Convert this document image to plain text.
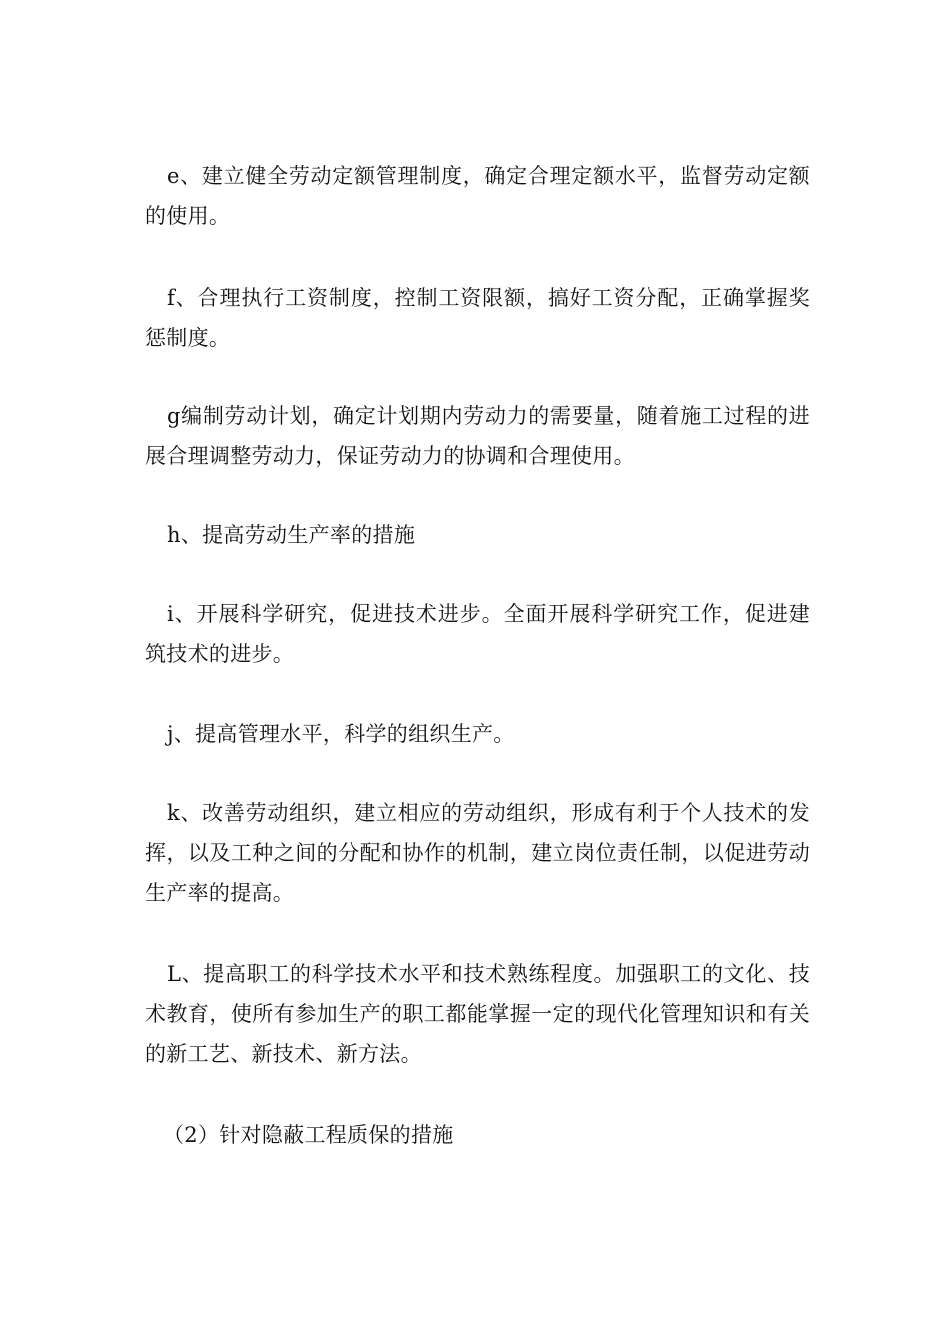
e、建立健全劳动定额管理制度，确定合理定额水平，监督劳动定额的使用。

f、合理执行工资制度，控制工资限额，搞好工资分配，正确掌握奖惩制度。

g编制劳动计划，确定计划期内劳动力的需要量，随着施工过程的进展合理调整劳动力，保证劳动力的协调和合理使用。

h、提高劳动生产率的措施

i、开展科学研究，促进技术进步。全面开展科学研究工作，促进建筑技术的进步。

j、提高管理水平，科学的组织生产。

k、改善劳动组织，建立相应的劳动组织，形成有利于个人技术的发挥，以及工种之间的分配和协作的机制，建立岗位责任制，以促进劳动生产率的提高。

L、提高职工的科学技术水平和技术熟练程度。加强职工的文化、技术教育，使所有参加生产的职工都能掌握一定的现代化管理知识和有关的新工艺、新技术、新方法。

（2）针对隐蔽工程质保的措施
